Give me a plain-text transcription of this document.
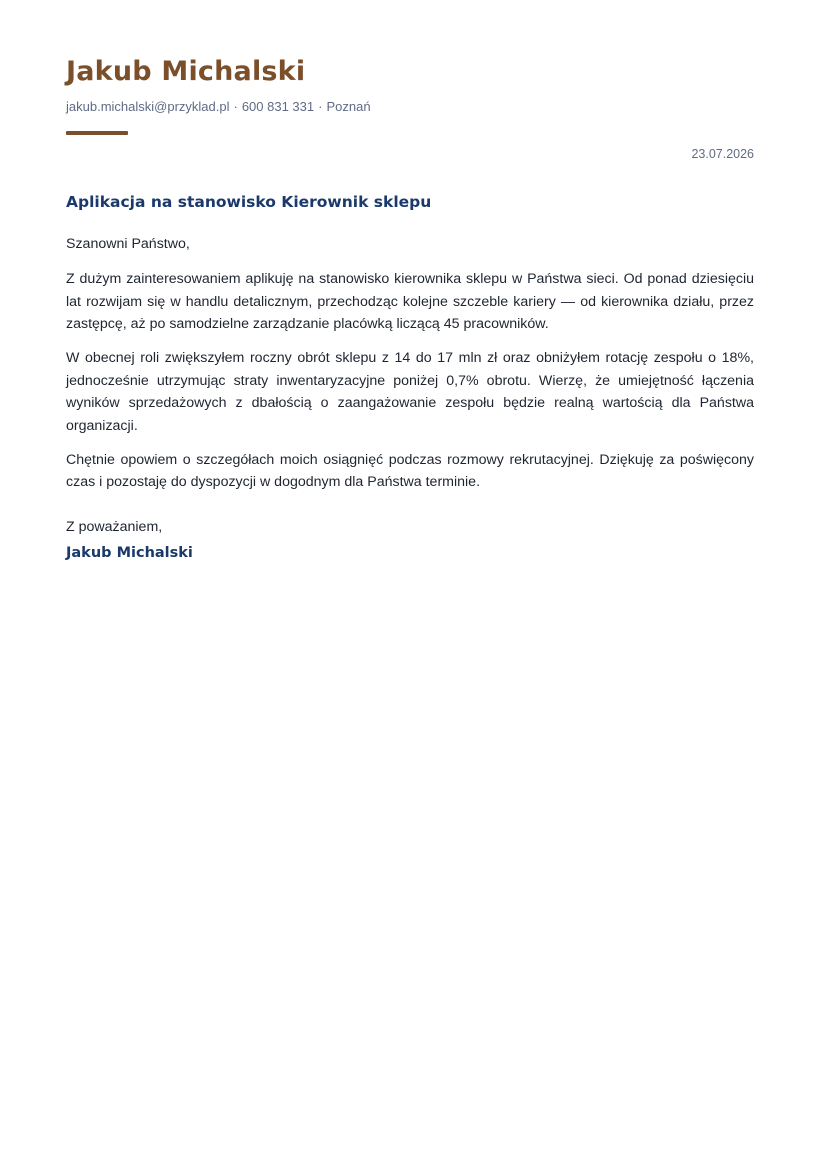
Jakub Michalski
jakub.michalski@przyklad.pl · 600 831 331 · Poznań
23.07.2026
Aplikacja na stanowisko Kierownik sklepu
Szanowni Państwo,

Z dużym zainteresowaniem aplikuję na stanowisko kierownika sklepu w Państwa sieci. Od ponad dziesięciu lat rozwijam się w handlu detalicznym, przechodząc kolejne szczeble kariery — od kierownika działu, przez zastępcę, aż po samodzielne zarządzanie placówką liczącą 45 pracowników.

W obecnej roli zwiększyłem roczny obrót sklepu z 14 do 17 mln zł oraz obniżyłem rotację zespołu o 18%, jednocześnie utrzymując straty inwentaryzacyjne poniżej 0,7% obrotu. Wierzę, że umiejętność łączenia wyników sprzedażowych z dbałością o zaangażowanie zespołu będzie realną wartością dla Państwa organizacji.

Chętnie opowiem o szczegółach moich osiągnięć podczas rozmowy rekrutacyjnej. Dziękuję za poświęcony czas i pozostaję do dyspozycji w dogodnym dla Państwa terminie.

Z poważaniem,
Jakub Michalski
